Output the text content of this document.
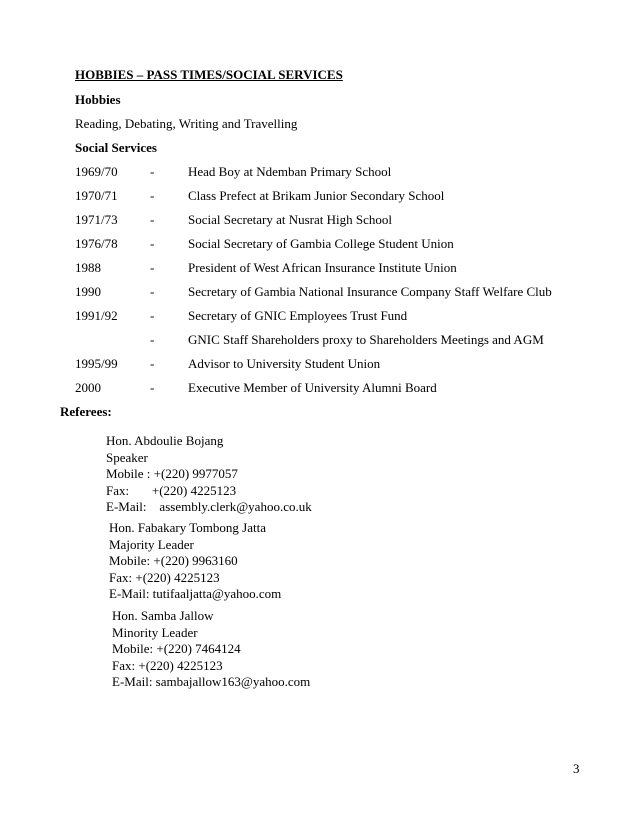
HOBBIES – PASS TIMES/SOCIAL SERVICES
Hobbies
Reading, Debating, Writing and Travelling
Social Services
1969/70 -	Head Boy at Ndemban Primary School
1970/71 -	Class Prefect at Brikam Junior Secondary School
1971/73 -	Social Secretary at Nusrat High School
1976/78 -	Social Secretary of Gambia College Student Union
1988	-	President of West African Insurance Institute Union
1990	-	Secretary of Gambia National Insurance Company Staff Welfare Club
1991/92 -	Secretary of GNIC Employees Trust Fund
-	GNIC Staff Shareholders proxy to Shareholders Meetings and AGM
1995/99 -	Advisor to University Student Union
2000	-	Executive Member of University Alumni Board
Referees:
Hon. Abdoulie Bojang
Speaker
Mobile : +(220) 9977057
Fax:       +(220) 4225123
E-Mail:    assembly.clerk@yahoo.co.uk
Hon. Fabakary Tombong Jatta
Majority Leader
Mobile: +(220) 9963160
Fax: +(220) 4225123
E-Mail: tutifaaljatta@yahoo.com
Hon. Samba Jallow
Minority Leader
Mobile: +(220) 7464124
Fax: +(220) 4225123
E-Mail: sambajallow163@yahoo.com
3
